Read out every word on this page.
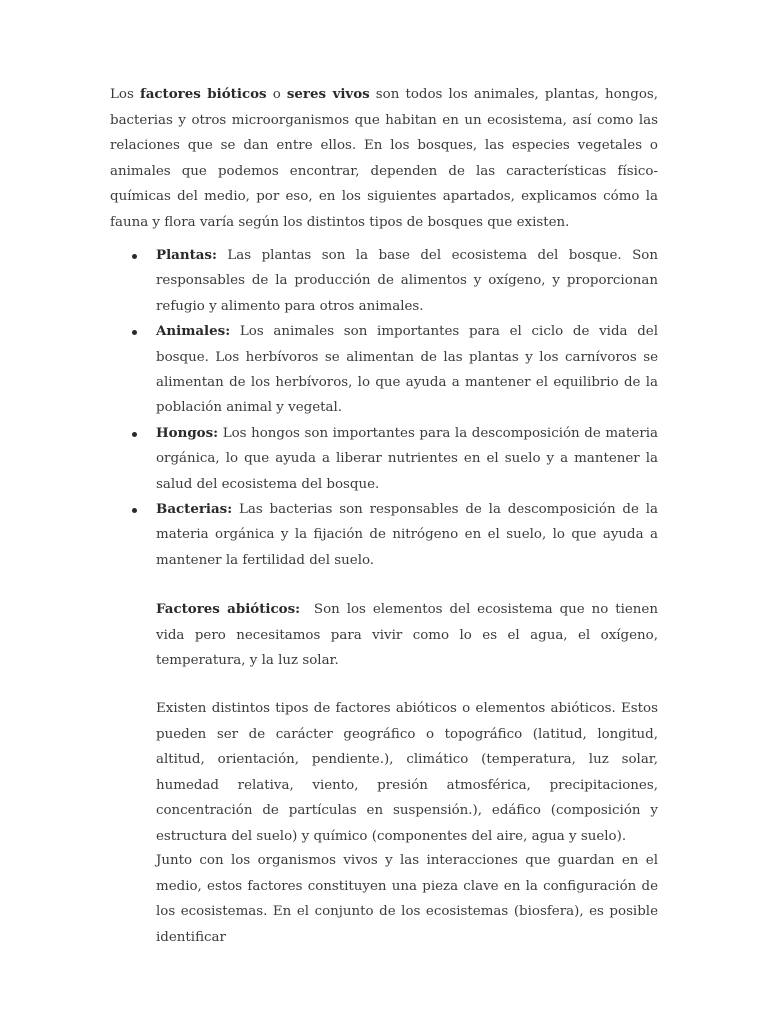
Los factores bióticos o seres vivos son todos los animales, plantas, hongos, bacterias y otros microorganismos que habitan en un ecosistema, así como las relaciones que se dan entre ellos. En los bosques, las especies vegetales o animales que podemos encontrar, dependen de las características físico-químicas del medio, por eso, en los siguientes apartados, explicamos cómo la fauna y flora varía según los distintos tipos de bosques que existen.

Plantas: Las plantas son la base del ecosistema del bosque. Son responsables de la producción de alimentos y oxígeno, y proporcionan refugio y alimento para otros animales.
Animales: Los animales son importantes para el ciclo de vida del bosque. Los herbívoros se alimentan de las plantas y los carnívoros se alimentan de los herbívoros, lo que ayuda a mantener el equilibrio de la población animal y vegetal.
Hongos: Los hongos son importantes para la descomposición de materia orgánica, lo que ayuda a liberar nutrientes en el suelo y a mantener la salud del ecosistema del bosque.
Bacterias: Las bacterias son responsables de la descomposición de la materia orgánica y la fijación de nitrógeno en el suelo, lo que ayuda a mantener la fertilidad del suelo.

Factores abióticos:  Son los elementos del ecosistema que no tienen vida pero necesitamos para vivir como lo es el agua, el oxígeno, temperatura, y la luz solar.

Existen distintos tipos de factores abióticos o elementos abióticos. Estos pueden ser de carácter geográfico o topográfico (latitud, longitud, altitud, orientación, pendiente.), climático (temperatura, luz solar, humedad relativa, viento, presión atmosférica, precipitaciones, concentración de partículas en suspensión.), edáfico (composición y estructura del suelo) y químico (componentes del aire, agua y suelo).

Junto con los organismos vivos y las interacciones que guardan en el medio, estos factores constituyen una pieza clave en la configuración de los ecosistemas. En el conjunto de los ecosistemas (biosfera), es posible identificar
